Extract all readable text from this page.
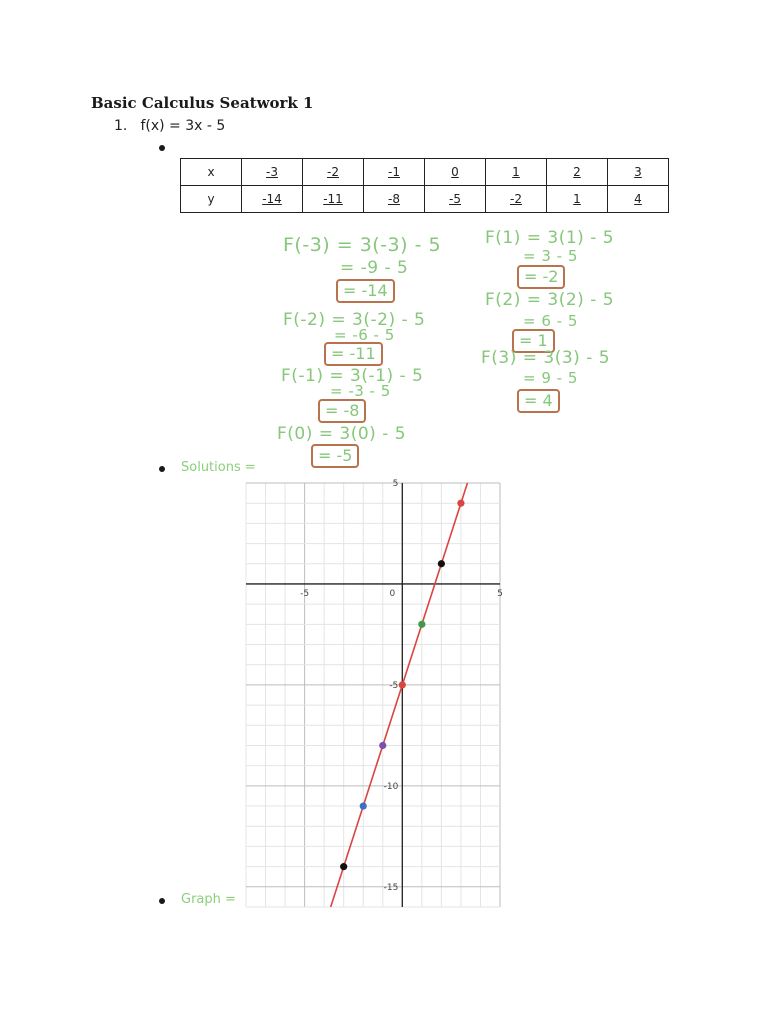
Basic Calculus Seatwork 1
1. f(x) = 3x - 5
x	-3	-2	-1	0	1	2	3
y	-14	-11	-8	-5	-2	1	4
F(-3) = 3(-3) - 5
= -9 - 5
= -14
F(-2) = 3(-2) - 5
= -6 - 5
= -11
F(-1) = 3(-1) - 5
= -3 - 5
= -8
F(0) = 3(0) - 5
= -5
F(1) = 3(1) - 5
= 3 - 5
= -2
F(2) = 3(2) - 5
= 6 - 5
= 1
F(3) = 3(3) - 5
= 9 - 5
= 4
Solutions =
-5	0	5
5
-5
-10
-15
Graph =
